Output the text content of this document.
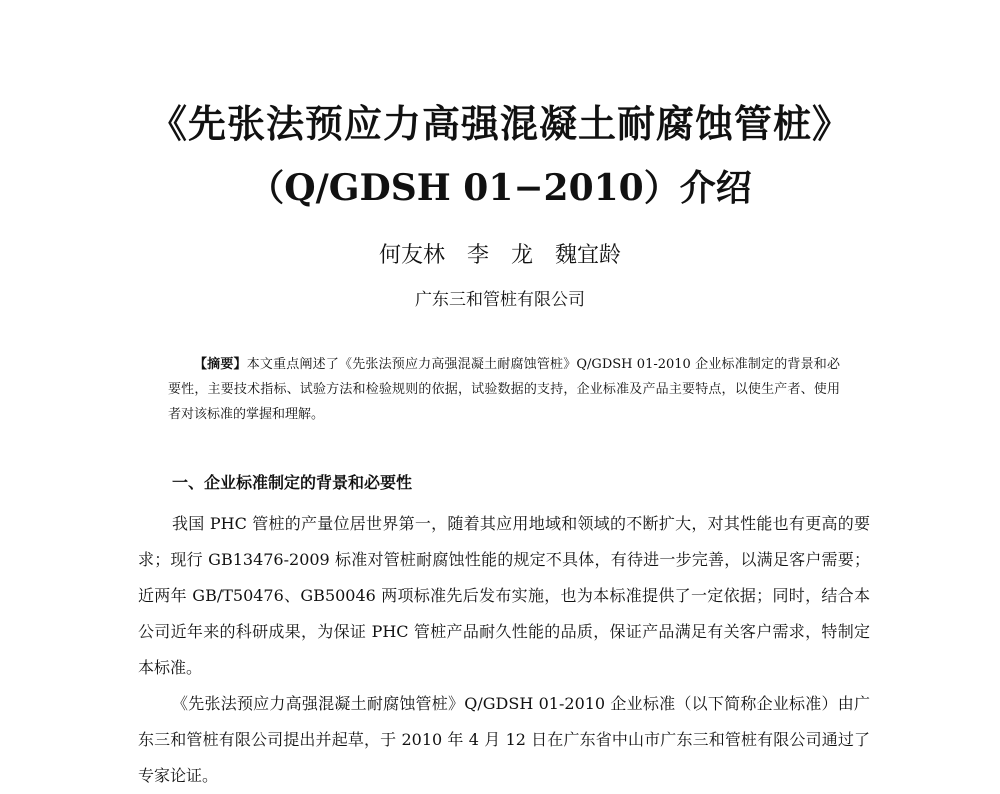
《先张法预应力高强混凝土耐腐蚀管桩》
（Q/GDSH 01−2010）介绍
何友林　李　龙　魏宜龄
广东三和管桩有限公司
【摘要】本文重点阐述了《先张法预应力高强混凝土耐腐蚀管桩》Q/GDSH 01-2010 企业标准制定的背景和必要性，主要技术指标、试验方法和检验规则的依据，试验数据的支持，企业标准及产品主要特点，以使生产者、使用者对该标准的掌握和理解。
一、企业标准制定的背景和必要性

我国 PHC 管桩的产量位居世界第一，随着其应用地域和领域的不断扩大，对其性能也有更高的要求；现行 GB13476-2009 标准对管桩耐腐蚀性能的规定不具体，有待进一步完善，以满足客户需要；近两年 GB/T50476、GB50046 两项标准先后发布实施，也为本标准提供了一定依据；同时，结合本公司近年来的科研成果，为保证 PHC 管桩产品耐久性能的品质，保证产品满足有关客户需求，特制定本标准。

《先张法预应力高强混凝土耐腐蚀管桩》Q/GDSH 01-2010 企业标准（以下简称企业标准）由广东三和管桩有限公司提出并起草，于 2010 年 4 月 12 日在广东省中山市广东三和管桩有限公司通过了专家论证。
